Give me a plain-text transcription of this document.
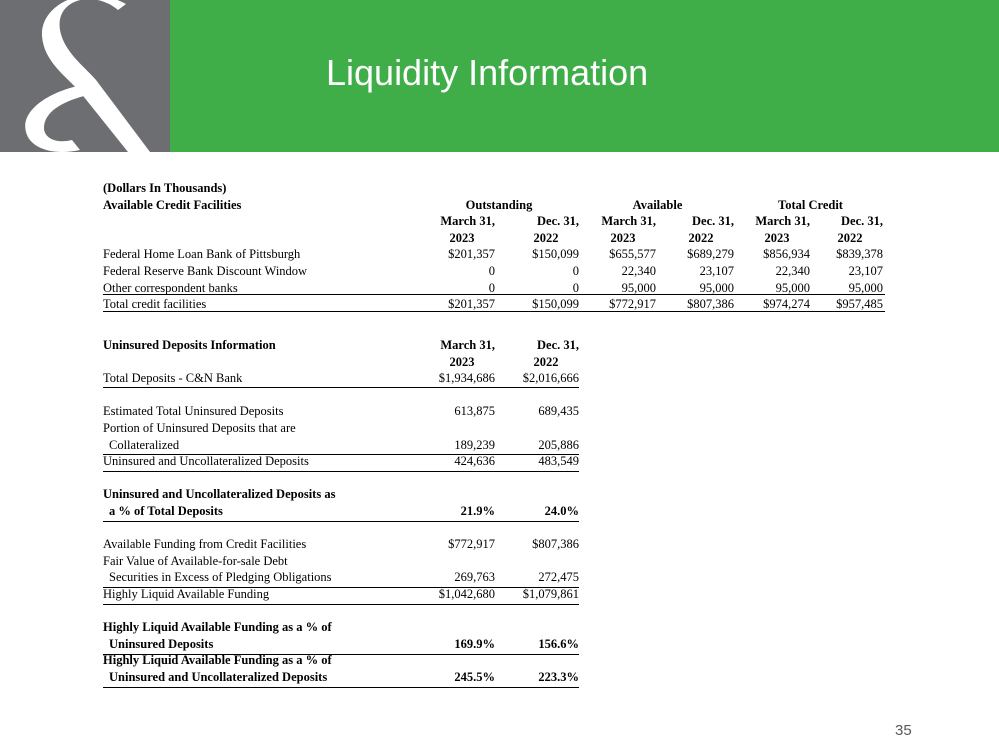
Liquidity Information
(Dollars In Thousands)
Available Credit Facilities	Outstanding	Available	Total Credit
March 31,	Dec. 31, March 31,	Dec. 31, March 31, Dec. 31,
2023	2022	2023	2022	2023	2022
Federal Home Loan Bank of Pittsburgh	$201,357	$150,099 $655,577 $689,279 $856,934 $839,378
Federal Reserve Bank Discount Window	0	0	22,340	23,107	22,340	23,107
Other correspondent banks	0	0	95,000	95,000	95,000	95,000
Total credit facilities	$201,357	$150,099 $772,917 $807,386 $974,274 $957,485
Uninsured Deposits Information	March 31,	Dec. 31,
2023	2022
Total Deposits - C&N Bank	$1,934,686 $2,016,666
Estimated Total Uninsured Deposits	613,875	689,435
Portion of Uninsured Deposits that are
Collateralized	189,239	205,886
Uninsured and Uncollateralized Deposits	424,636	483,549
Uninsured and Uncollateralized Deposits as
a % of Total Deposits	21.9%	24.0%
Available Funding from Credit Facilities	$772,917	$807,386
Fair Value of Available-for-sale Debt
Securities in Excess of Pledging Obligations	269,763	272,475
Highly Liquid Available Funding	$1,042,680 $1,079,861
Highly Liquid Available Funding as a % of
Uninsured Deposits	169.9%	156.6%
Highly Liquid Available Funding as a % of
Uninsured and Uncollateralized Deposits	245.5%	223.3%
35
